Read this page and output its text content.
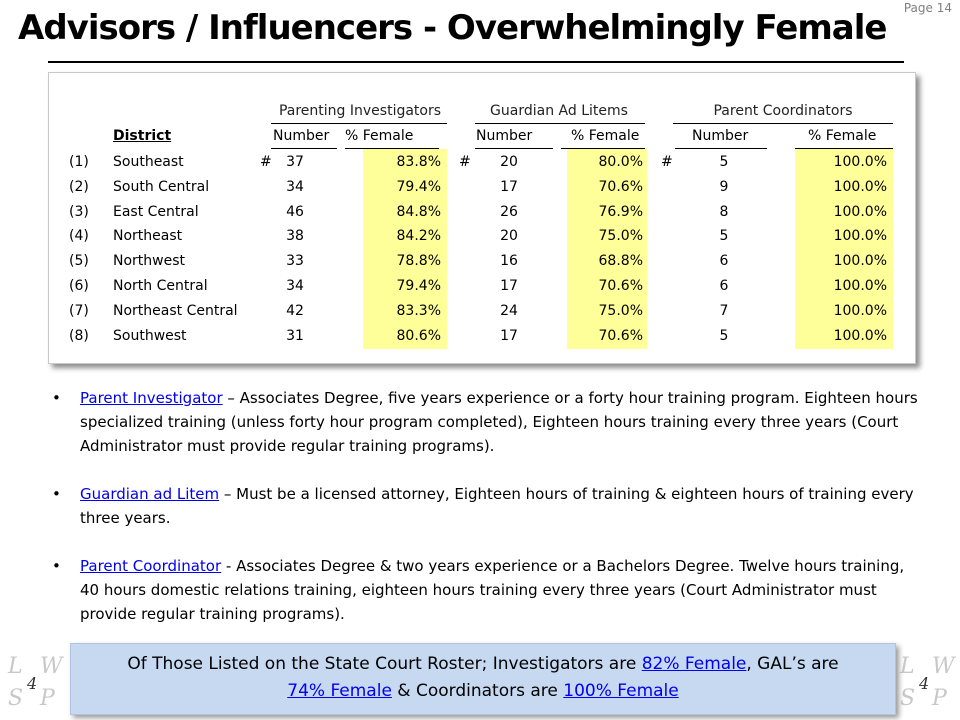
Page 14
Advisors / Influencers - Overwhelmingly Female
Parenting Investigators	Guardian Ad Litems	Parent Coordinators
District	Number % Female	Number	% Female	Number	% Female
#	#	#
(1)	Southeast	37	83.8%	20	80.0%	5	100.0%
(2)	South Central	34	79.4%	17	70.6%	9	100.0%
(3)	East Central	46	84.8%	26	76.9%	8	100.0%
(4)	Northeast	38	84.2%	20	75.0%	5	100.0%
(5)	Northwest	33	78.8%	16	68.8%	6	100.0%
(6)	North Central	34	79.4%	17	70.6%	6	100.0%
(7)	Northeast Central	42	83.3%	24	75.0%	7	100.0%
(8)	Southwest	31	80.6%	17	70.6%	5	100.0%
• Parent Investigator – Associates Degree, five years experience or a forty hour training program. Eighteen hours specialized training (unless forty hour program completed), Eighteen hours training every three years (Court Administrator must provide regular training programs).
• Guardian ad Litem – Must be a licensed attorney, Eighteen hours of training & eighteen hours of training every three years.
• Parent Coordinator - Associates Degree & two years experience or a Bachelors Degree. Twelve hours training, 40 hours domestic relations training, eighteen hours training every three years (Court Administrator must provide regular training programs).
L W
S P
4
L W
S P
4
Of Those Listed on the State Court Roster; Investigators are 82% Female, GAL’s are
74% Female & Coordinators are 100% Female
